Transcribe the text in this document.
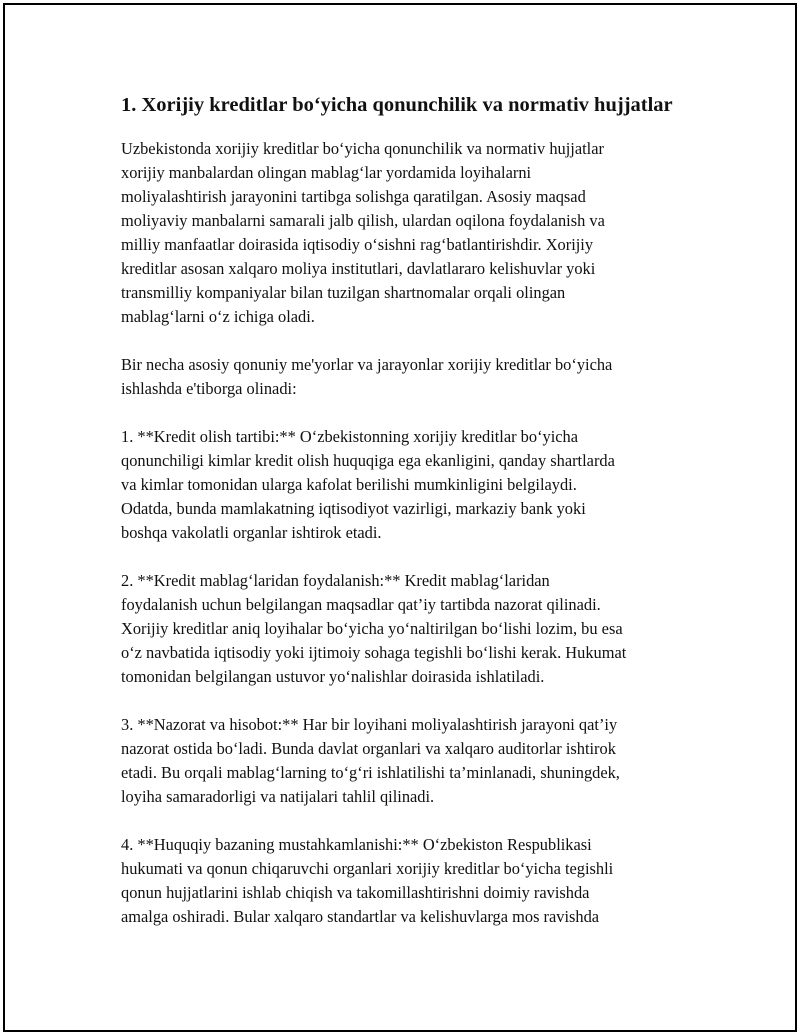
1. Xorijiy kreditlar bo‘yicha qonunchilik va normativ hujjatlar

Uzbekistonda xorijiy kreditlar bo‘yicha qonunchilik va normativ hujjatlar
xorijiy manbalardan olingan mablag‘lar yordamida loyihalarni
moliyalashtirish jarayonini tartibga solishga qaratilgan. Asosiy maqsad
moliyaviy manbalarni samarali jalb qilish, ulardan oqilona foydalanish va
milliy manfaatlar doirasida iqtisodiy o‘sishni rag‘batlantirishdir. Xorijiy
kreditlar asosan xalqaro moliya institutlari, davlatlararo kelishuvlar yoki
transmilliy kompaniyalar bilan tuzilgan shartnomalar orqali olingan
mablag‘larni o‘z ichiga oladi.

Bir necha asosiy qonuniy me'yorlar va jarayonlar xorijiy kreditlar bo‘yicha
ishlashda e'tiborga olinadi:

1. **Kredit olish tartibi:** O‘zbekistonning xorijiy kreditlar bo‘yicha
qonunchiligi kimlar kredit olish huquqiga ega ekanligini, qanday shartlarda
va kimlar tomonidan ularga kafolat berilishi mumkinligini belgilaydi.
Odatda, bunda mamlakatning iqtisodiyot vazirligi, markaziy bank yoki
boshqa vakolatli organlar ishtirok etadi.

2. **Kredit mablag‘laridan foydalanish:** Kredit mablag‘laridan
foydalanish uchun belgilangan maqsadlar qat’iy tartibda nazorat qilinadi.
Xorijiy kreditlar aniq loyihalar bo‘yicha yo‘naltirilgan bo‘lishi lozim, bu esa
o‘z navbatida iqtisodiy yoki ijtimoiy sohaga tegishli bo‘lishi kerak. Hukumat
tomonidan belgilangan ustuvor yo‘nalishlar doirasida ishlatiladi.

3. **Nazorat va hisobot:** Har bir loyihani moliyalashtirish jarayoni qat’iy
nazorat ostida bo‘ladi. Bunda davlat organlari va xalqaro auditorlar ishtirok
etadi. Bu orqali mablag‘larning to‘g‘ri ishlatilishi ta’minlanadi, shuningdek,
loyiha samaradorligi va natijalari tahlil qilinadi.

4. **Huquqiy bazaning mustahkamlanishi:** O‘zbekiston Respublikasi
hukumati va qonun chiqaruvchi organlari xorijiy kreditlar bo‘yicha tegishli
qonun hujjatlarini ishlab chiqish va takomillashtirishni doimiy ravishda
amalga oshiradi. Bular xalqaro standartlar va kelishuvlarga mos ravishda
